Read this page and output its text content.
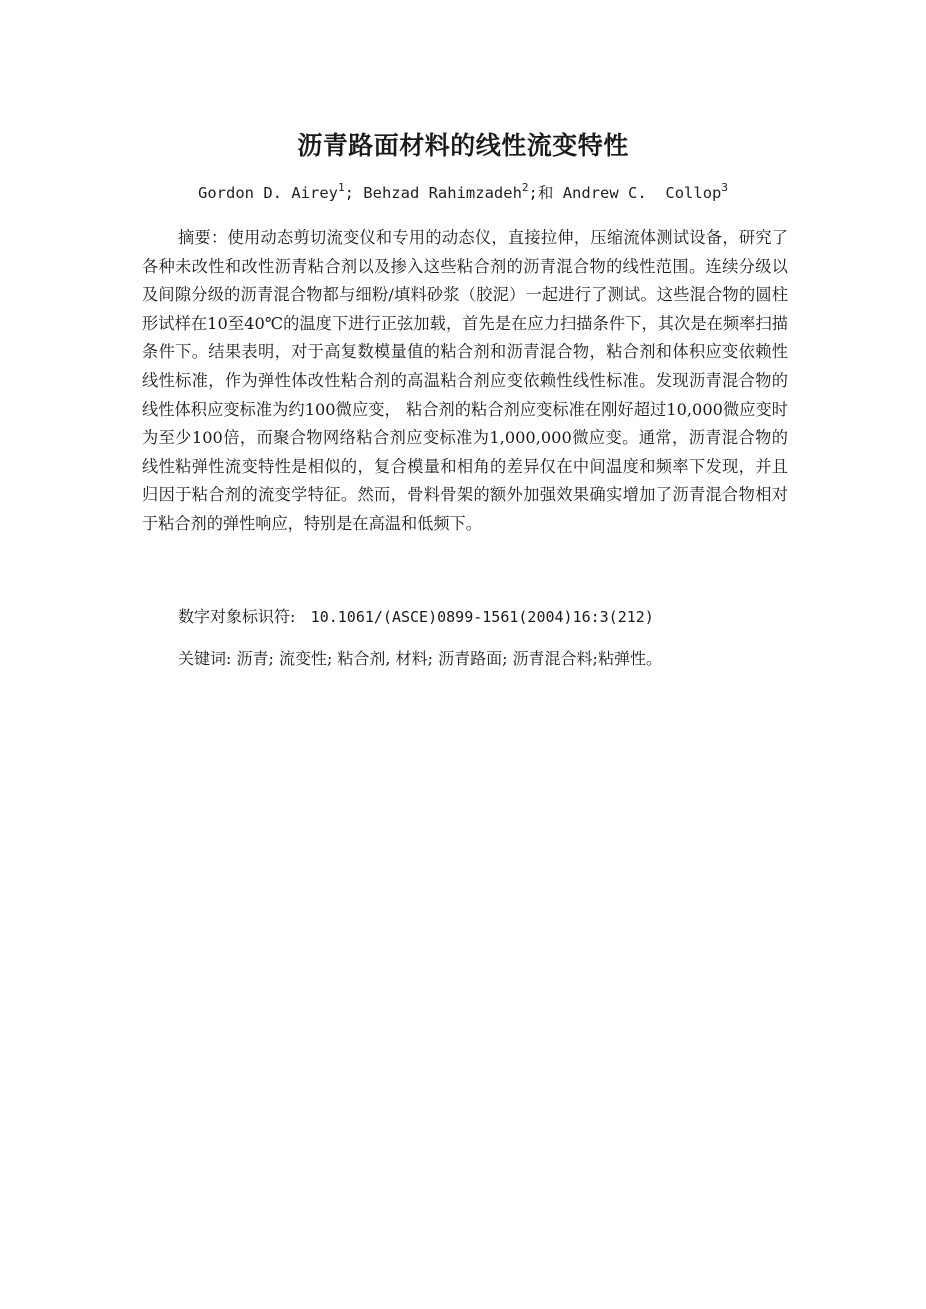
沥青路面材料的线性流变特性
Gordon D. Airey$^1$; Behzad Rahimzadeh$^2$;和 Andrew C.  Collop$^3$

摘要：使用动态剪切流变仪和专用的动态仪，直接拉伸，压缩流体测试设备，研究了各种未改性和改性沥青粘合剂以及掺入这些粘合剂的沥青混合物的线性范围。连续分级以及间隙分级的沥青混合物都与细粉/填料砂浆（胶泥）一起进行了测试。这些混合物的圆柱形试样在10至40℃的温度下进行正弦加载，首先是在应力扫描条件下，其次是在频率扫描条件下。结果表明，对于高复数模量值的粘合剂和沥青混合物，粘合剂和体积应变依赖性线性标准，作为弹性体改性粘合剂的高温粘合剂应变依赖性线性标准。发现沥青混合物的线性体积应变标准为约100微应变， 粘合剂的粘合剂应变标准在刚好超过10,000微应变时为至少100倍，而聚合物网络粘合剂应变标准为1,000,000微应变。通常，沥青混合物的线性粘弹性流变特性是相似的，复合模量和相角的差异仅在中间温度和频率下发现，并且归因于粘合剂的流变学特征。然而，骨料骨架的额外加强效果确实增加了沥青混合物相对于粘合剂的弹性响应，特别是在高温和低频下。

数字对象标识符: 10.1061/(ASCE)0899-1561(2004)16:3(212)
关键词: 沥青; 流变性; 粘合剂, 材料; 沥青路面; 沥青混合料;粘弹性。
